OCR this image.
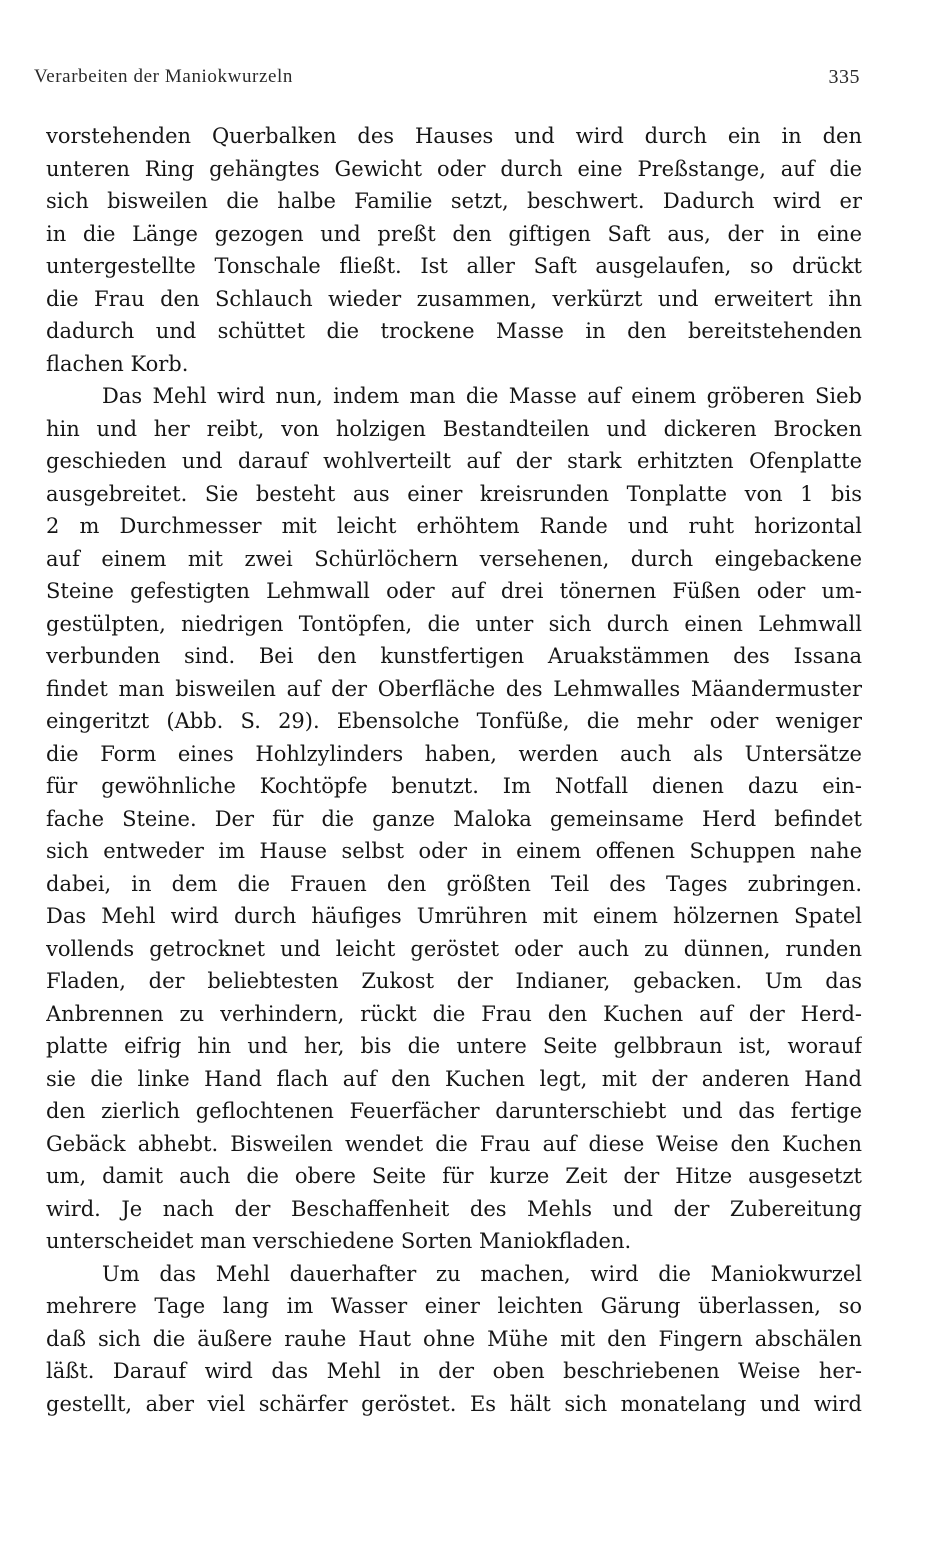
Verarbeiten der Maniokwurzeln	335
vorstehenden Querbalken des Hauses und wird durch ein in den
unteren Ring gehängtes Gewicht oder durch eine Preßstange, auf die
sich bisweilen die halbe Familie setzt, beschwert. Dadurch wird er
in die Länge gezogen und preßt den giftigen Saft aus, der in eine
untergestellte Tonschale fließt. Ist aller Saft ausgelaufen, so drückt
die Frau den Schlauch wieder zusammen, verkürzt und erweitert ihn
dadurch und schüttet die trockene Masse in den bereitstehenden
flachen Korb.
Das Mehl wird nun, indem man die Masse auf einem gröberen Sieb
hin und her reibt, von holzigen Bestandteilen und dickeren Brocken
geschieden und darauf wohlverteilt auf der stark erhitzten Ofenplatte
ausgebreitet. Sie besteht aus einer kreisrunden Tonplatte von 1 bis
2 m Durchmesser mit leicht erhöhtem Rande und ruht horizontal
auf einem mit zwei Schürlöchern versehenen, durch eingebackene
Steine gefestigten Lehmwall oder auf drei tönernen Füßen oder um-
gestülpten, niedrigen Tontöpfen, die unter sich durch einen Lehmwall
verbunden sind. Bei den kunstfertigen Aruakstämmen des Issana
findet man bisweilen auf der Oberfläche des Lehmwalles Mäandermuster
eingeritzt (Abb. S. 29). Ebensolche Tonfüße, die mehr oder weniger
die Form eines Hohlzylinders haben, werden auch als Untersätze
für gewöhnliche Kochtöpfe benutzt. Im Notfall dienen dazu ein-
fache Steine. Der für die ganze Maloka gemeinsame Herd befindet
sich entweder im Hause selbst oder in einem offenen Schuppen nahe
dabei, in dem die Frauen den größten Teil des Tages zubringen.
Das Mehl wird durch häufiges Umrühren mit einem hölzernen Spatel
vollends getrocknet und leicht geröstet oder auch zu dünnen, runden
Fladen, der beliebtesten Zukost der Indianer, gebacken. Um das
Anbrennen zu verhindern, rückt die Frau den Kuchen auf der Herd-
platte eifrig hin und her, bis die untere Seite gelbbraun ist, worauf
sie die linke Hand flach auf den Kuchen legt, mit der anderen Hand
den zierlich geflochtenen Feuerfächer darunterschiebt und das fertige
Gebäck abhebt. Bisweilen wendet die Frau auf diese Weise den Kuchen
um, damit auch die obere Seite für kurze Zeit der Hitze ausgesetzt
wird. Je nach der Beschaffenheit des Mehls und der Zubereitung
unterscheidet man verschiedene Sorten Maniokfladen.
Um das Mehl dauerhafter zu machen, wird die Maniokwurzel
mehrere Tage lang im Wasser einer leichten Gärung überlassen, so
daß sich die äußere rauhe Haut ohne Mühe mit den Fingern abschälen
läßt. Darauf wird das Mehl in der oben beschriebenen Weise her-
gestellt, aber viel schärfer geröstet. Es hält sich monatelang und wird
